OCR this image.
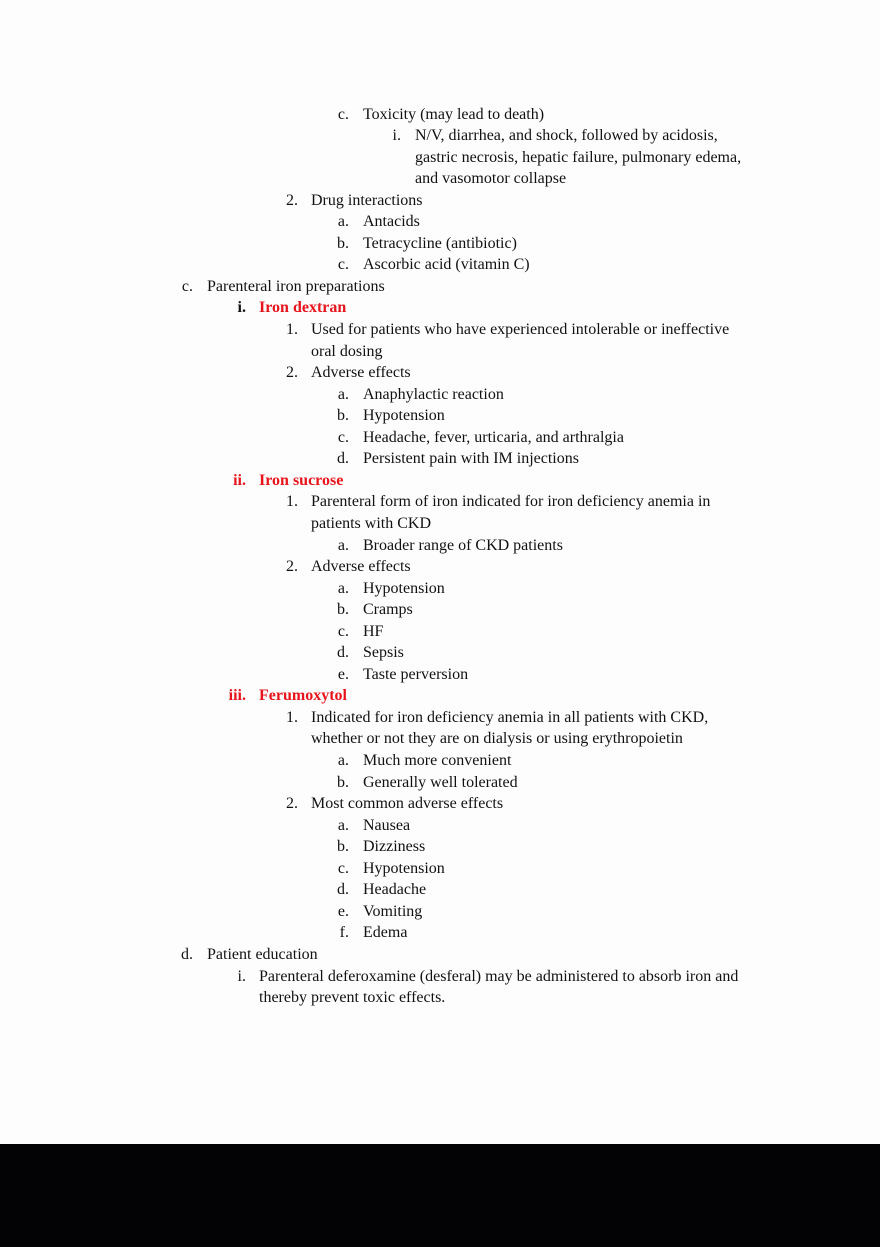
c. Toxicity (may lead to death)
i. N/V, diarrhea, and shock, followed by acidosis,
gastric necrosis, hepatic failure, pulmonary edema,
and vasomotor collapse
2. Drug interactions
a. Antacids
b. Tetracycline (antibiotic)
c. Ascorbic acid (vitamin C)
c. Parenteral iron preparations
i. Iron dextran
1. Used for patients who have experienced intolerable or ineffective
oral dosing
2. Adverse effects
a. Anaphylactic reaction
b. Hypotension
c. Headache, fever, urticaria, and arthralgia
d. Persistent pain with IM injections
ii. Iron sucrose
1. Parenteral form of iron indicated for iron deficiency anemia in
patients with CKD
a. Broader range of CKD patients
2. Adverse effects
a. Hypotension
b. Cramps
c. HF
d. Sepsis
e. Taste perversion
iii. Ferumoxytol
1. Indicated for iron deficiency anemia in all patients with CKD,
whether or not they are on dialysis or using erythropoietin
a. Much more convenient
b. Generally well tolerated
2. Most common adverse effects
a. Nausea
b. Dizziness
c. Hypotension
d. Headache
e. Vomiting
f. Edema
d. Patient education
i. Parenteral deferoxamine (desferal) may be administered to absorb iron and
thereby prevent toxic effects.
